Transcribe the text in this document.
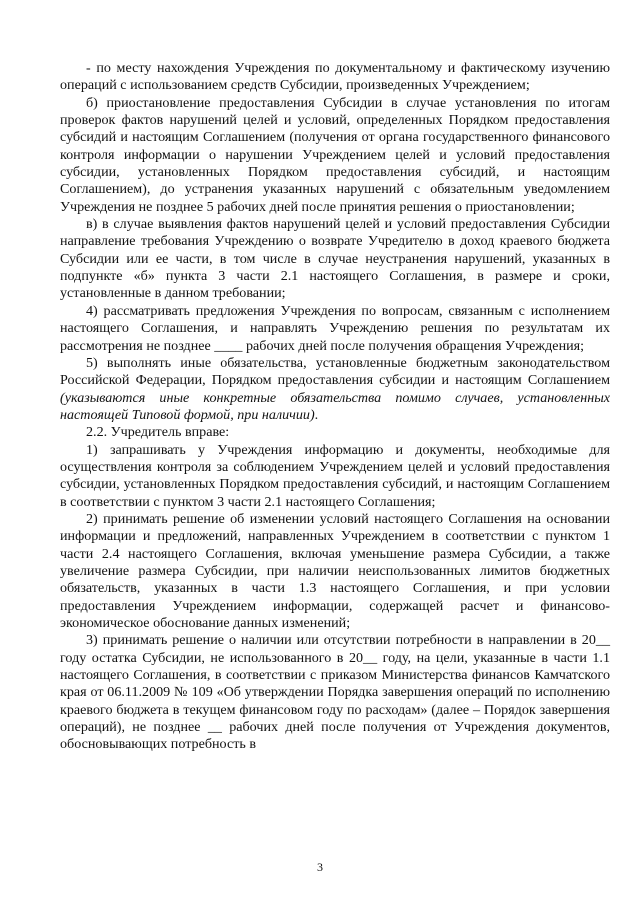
- по месту нахождения Учреждения по документальному и фактическому изучению операций с использованием средств Субсидии, произведенных Учреждением;

б) приостановление предоставления Субсидии в случае установления по итогам проверок фактов нарушений целей и условий, определенных Порядком предоставления субсидий и настоящим Соглашением (получения от органа государственного финансового контроля информации о нарушении Учреждением целей и условий предоставления субсидии, установленных Порядком предоставления субсидий, и настоящим Соглашением), до устранения указанных нарушений с обязательным уведомлением Учреждения не позднее 5 рабочих дней после принятия решения о приостановлении;

в) в случае выявления фактов нарушений целей и условий предоставления Субсидии направление требования Учреждению о возврате Учредителю в доход краевого бюджета Субсидии или ее части, в том числе в случае неустранения нарушений, указанных в подпункте «б» пункта 3 части 2.1 настоящего Соглашения, в размере и сроки, установленные в данном требовании;

4) рассматривать предложения Учреждения по вопросам, связанным с исполнением настоящего Соглашения, и направлять Учреждению решения по результатам их рассмотрения не позднее ____ рабочих дней после получения обращения Учреждения;

5) выполнять иные обязательства, установленные бюджетным законодательством Российской Федерации, Порядком предоставления субсидии и настоящим Соглашением (указываются иные конкретные обязательства помимо случаев, установленных настоящей Типовой формой, при наличии).

2.2. Учредитель вправе:

1) запрашивать у Учреждения информацию и документы, необходимые для осуществления контроля за соблюдением Учреждением целей и условий предоставления субсидии, установленных Порядком предоставления субсидий, и настоящим Соглашением в соответствии с пунктом 3 части 2.1 настоящего Соглашения;

2) принимать решение об изменении условий настоящего Соглашения на основании информации и предложений, направленных Учреждением в соответствии с пунктом 1 части 2.4 настоящего Соглашения, включая уменьшение размера Субсидии, а также увеличение размера Субсидии, при наличии неиспользованных лимитов бюджетных обязательств, указанных в части 1.3 настоящего Соглашения, и при условии предоставления Учреждением информации, содержащей расчет и финансово-экономическое обоснование данных изменений;

3) принимать решение о наличии или отсутствии потребности в направлении в 20__ году остатка Субсидии, не использованного в 20__ году, на цели, указанные в части 1.1 настоящего Соглашения, в соответствии с приказом Министерства финансов Камчатского края от 06.11.2009 № 109 «Об утверждении Порядка завершения операций по исполнению краевого бюджета в текущем финансовом году по расходам» (далее – Порядок завершения операций), не позднее __ рабочих дней после получения от Учреждения документов, обосновывающих потребность в

3
